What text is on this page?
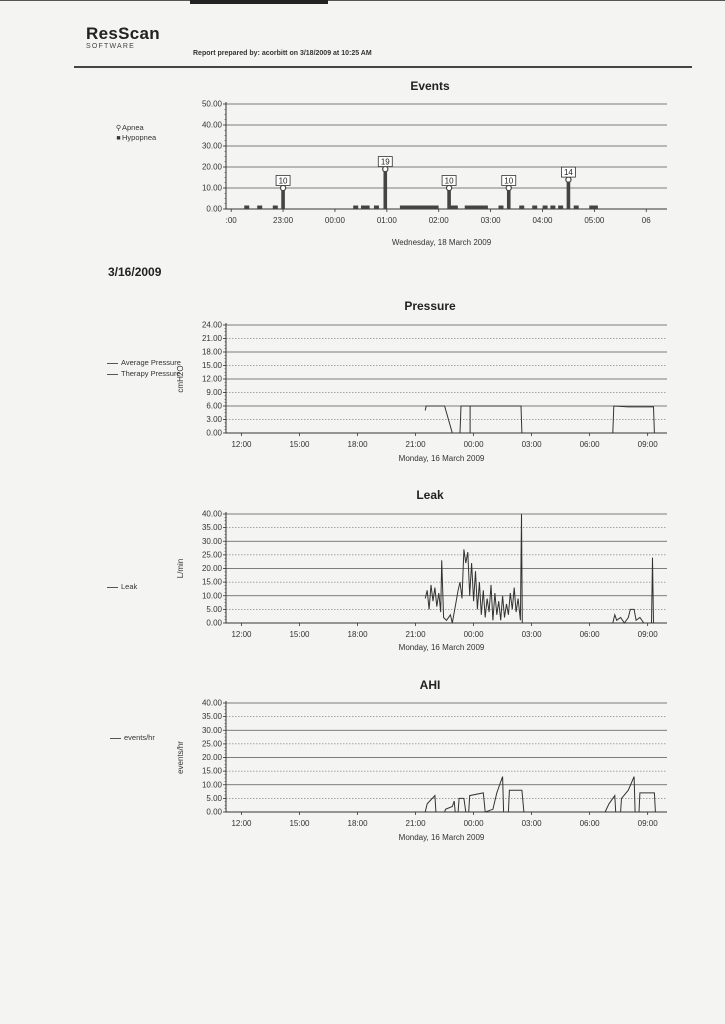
ResScan
SOFTWARE
Report prepared by: acorbitt on 3/18/2009 at 10:25 AM
3/16/2009
Events
Pressure
Leak
AHI
⚲Apnea
■Hypopnea
Average Pressure
Therapy Pressure
Leak
events/hr
0.00
10.00
20.00
30.00
40.00
50.00
:00	23:00	00:00	01:00	02:00	03:00	04:00	05:00	06
Wednesday, 18 March 2009
10
19
10	10
14
0.00
3.00
6.00
9.00
12.00
15.00
18.00
21.00
24.00
12:00	15:00	18:00	21:00	00:00	03:00	06:00	09:00
Monday, 16 March 2009
cmH2O
0.00
5.00
10.00
15.00
20.00
25.00
30.00
35.00
40.00
12:00	15:00	18:00	21:00	00:00	03:00	06:00	09:00
Monday, 16 March 2009
L/min
0.00
5.00
10.00
15.00
20.00
25.00
30.00
35.00
40.00
12:00	15:00	18:00	21:00	00:00	03:00	06:00	09:00
Monday, 16 March 2009
events/hr
